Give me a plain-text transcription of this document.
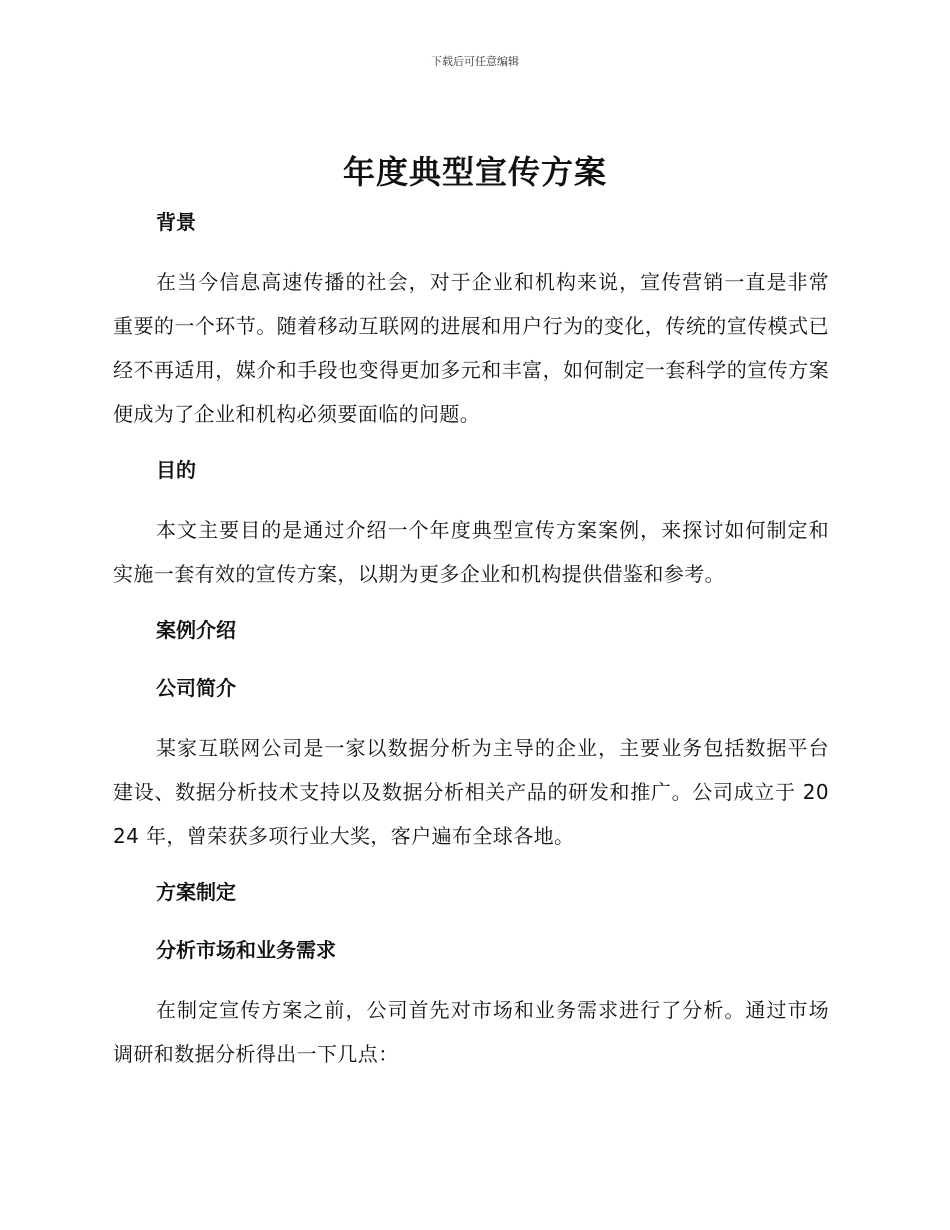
下载后可任意编辑
年度典型宣传方案
背景

在当今信息高速传播的社会，对于企业和机构来说，宣传营销一直是非常重要的一个环节。随着移动互联网的进展和用户行为的变化，传统的宣传模式已经不再适用，媒介和手段也变得更加多元和丰富，如何制定一套科学的宣传方案便成为了企业和机构必须要面临的问题。

目的

本文主要目的是通过介绍一个年度典型宣传方案案例，来探讨如何制定和实施一套有效的宣传方案，以期为更多企业和机构提供借鉴和参考。

案例介绍
公司简介

某家互联网公司是一家以数据分析为主导的企业，主要业务包括数据平台建设、数据分析技术支持以及数据分析相关产品的研发和推广。公司成立于 2024 年，曾荣获多项行业大奖，客户遍布全球各地。

方案制定
分析市场和业务需求

在制定宣传方案之前，公司首先对市场和业务需求进行了分析。通过市场调研和数据分析得出一下几点：
